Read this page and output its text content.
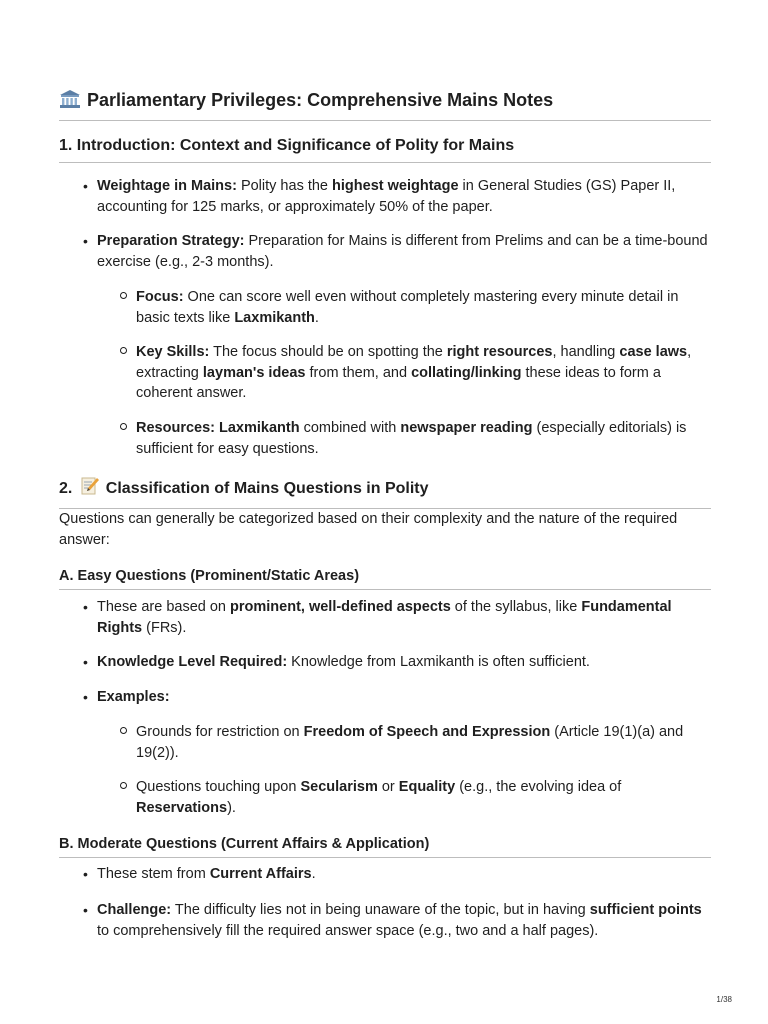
Parliamentary Privileges: Comprehensive Mains Notes
1. Introduction: Context and Significance of Polity for Mains
•
Weightage in Mains: Polity has the highest weightage in General Studies (GS) Paper II, accounting for 125 marks, or approximately 50% of the paper.
•
Preparation Strategy: Preparation for Mains is different from Prelims and can be a time-bound exercise (e.g., 2-3 months).
Focus: One can score well even without completely mastering every minute detail in basic texts like Laxmikanth.
Key Skills: The focus should be on spotting the right resources, handling case laws, extracting layman's ideas from them, and collating/linking these ideas to form a coherent answer.
Resources: Laxmikanth combined with newspaper reading (especially editorials) is sufficient for easy questions.
2. Classification of Mains Questions in Polity
Questions can generally be categorized based on their complexity and the nature of the required answer:
A. Easy Questions (Prominent/Static Areas)
•
These are based on prominent, well-defined aspects of the syllabus, like Fundamental Rights (FRs).
•
Knowledge Level Required: Knowledge from Laxmikanth is often sufficient.
•
Examples:
Grounds for restriction on Freedom of Speech and Expression (Article 19(1)(a) and 19(2)).
Questions touching upon Secularism or Equality (e.g., the evolving idea of Reservations).
B. Moderate Questions (Current Affairs & Application)
•
These stem from Current Affairs.
•
Challenge: The difficulty lies not in being unaware of the topic, but in having sufficient points to comprehensively fill the required answer space (e.g., two and a half pages).
1/38
